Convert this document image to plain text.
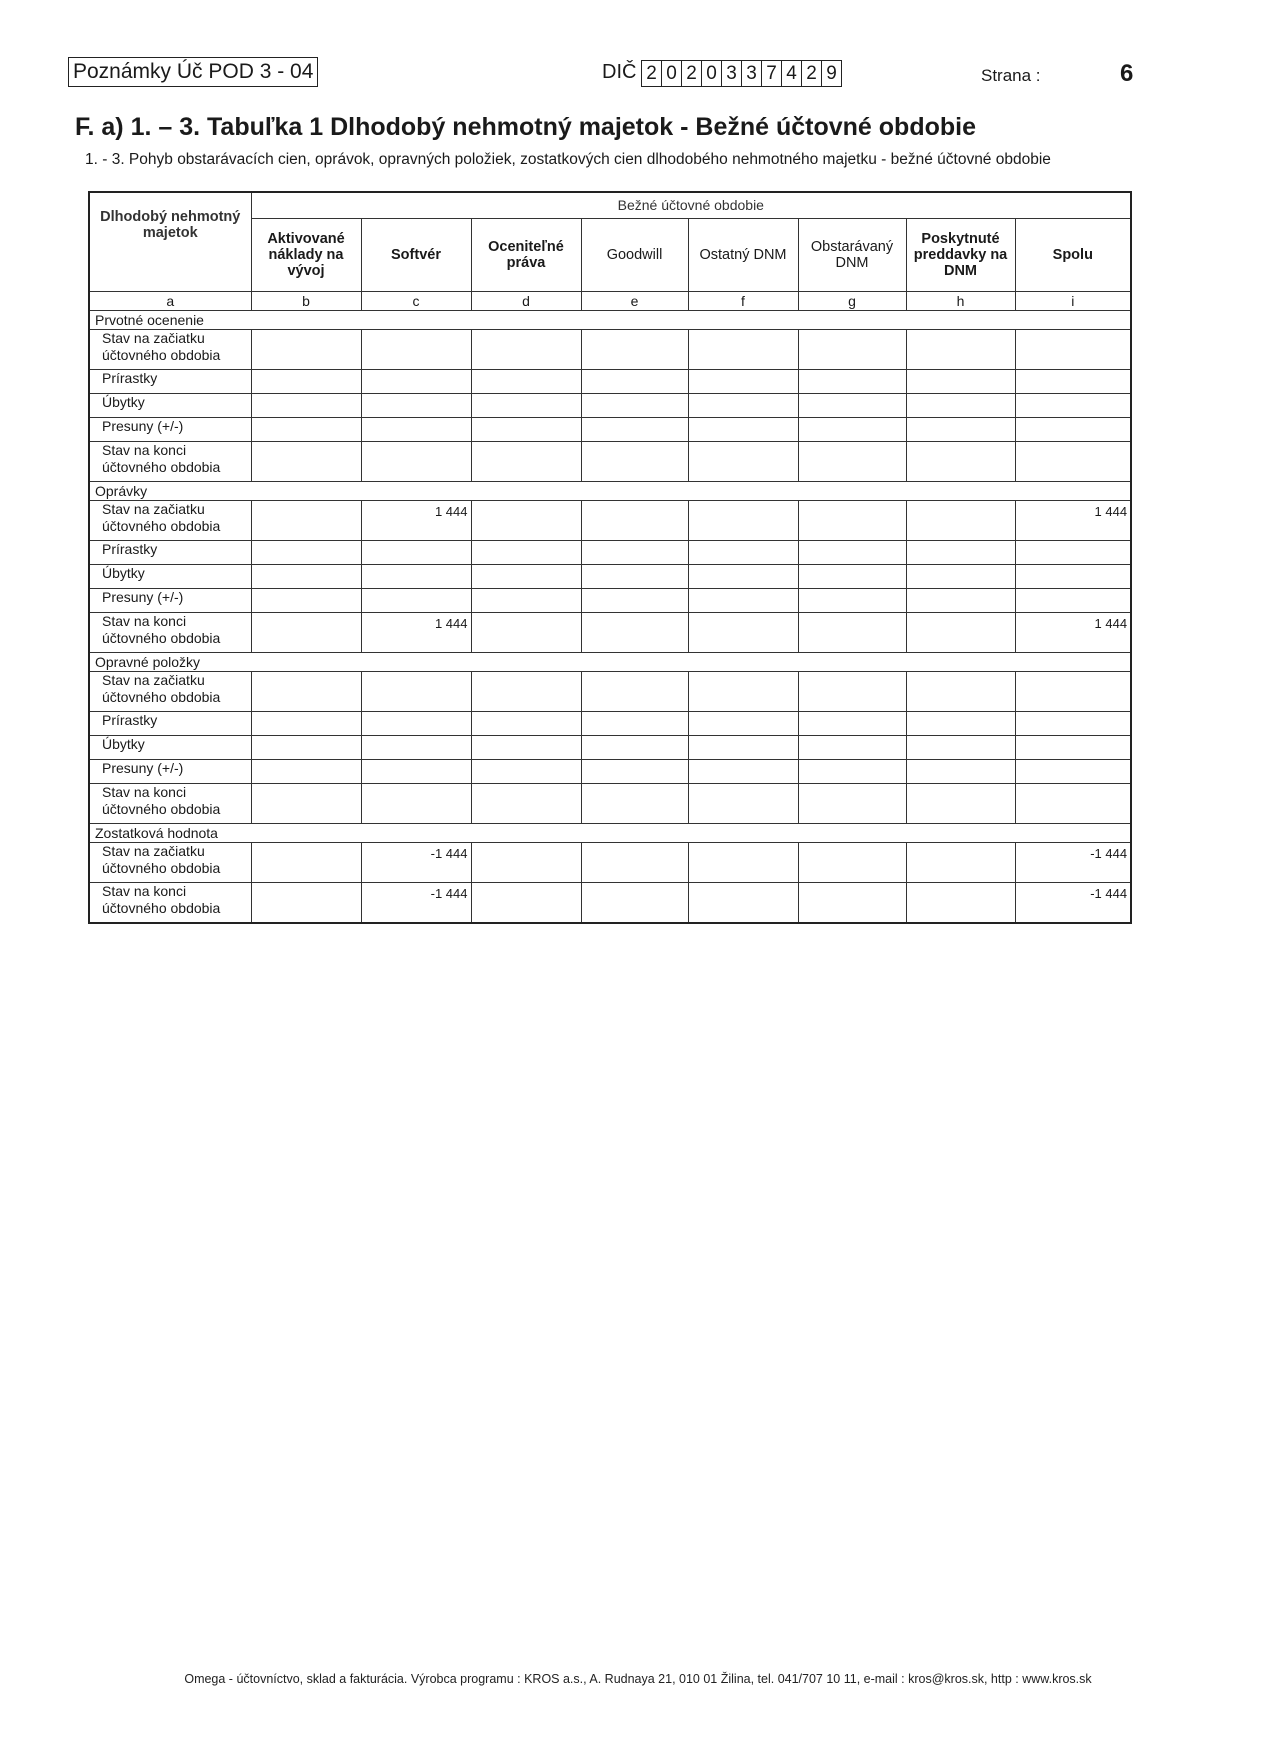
Poznámky Úč POD 3 - 04	DIČ 2 0 2 0 3 3 7 4 2 9	Strana :	6
F. a) 1. – 3. Tabuľka 1 Dlhodobý nehmotný majetok - Bežné účtovné obdobie
1. - 3. Pohyb obstarávacích cien, oprávok, opravných položiek, zostatkových cien dlhodobého nehmotného majetku - bežné účtovné obdobie
Dlhodobý nehmotný majetok	Bežné účtovné obdobie							
	Aktivované náklady na vývoj	Softvér	Oceniteľné práva	Goodwill	Ostatný DNM	Obstarávaný DNM	Poskytnuté preddavky na DNM	Spolu
a	b	c	d	e	f	g	h	i
Prvotné ocenenie								
Stav na začiatku účtovného obdobia								
Prírastky								
Úbytky								
Presuny (+/-)								
Stav na konci účtovného obdobia								
Oprávky								
Stav na začiatku účtovného obdobia		1 444						1 444
Prírastky								
Úbytky								
Presuny (+/-)								
Stav na konci účtovného obdobia		1 444						1 444
Opravné položky								
Stav na začiatku účtovného obdobia								
Prírastky								
Úbytky								
Presuny (+/-)								
Stav na konci účtovného obdobia								
Zostatková hodnota								
Stav na začiatku účtovného obdobia		-1 444						-1 444
Stav na konci účtovného obdobia		-1 444						-1 444
Omega - účtovníctvo, sklad a fakturácia. Výrobca programu : KROS a.s., A. Rudnaya 21, 010 01 Žilina, tel. 041/707 10 11, e-mail : kros@kros.sk, http : www.kros.sk
